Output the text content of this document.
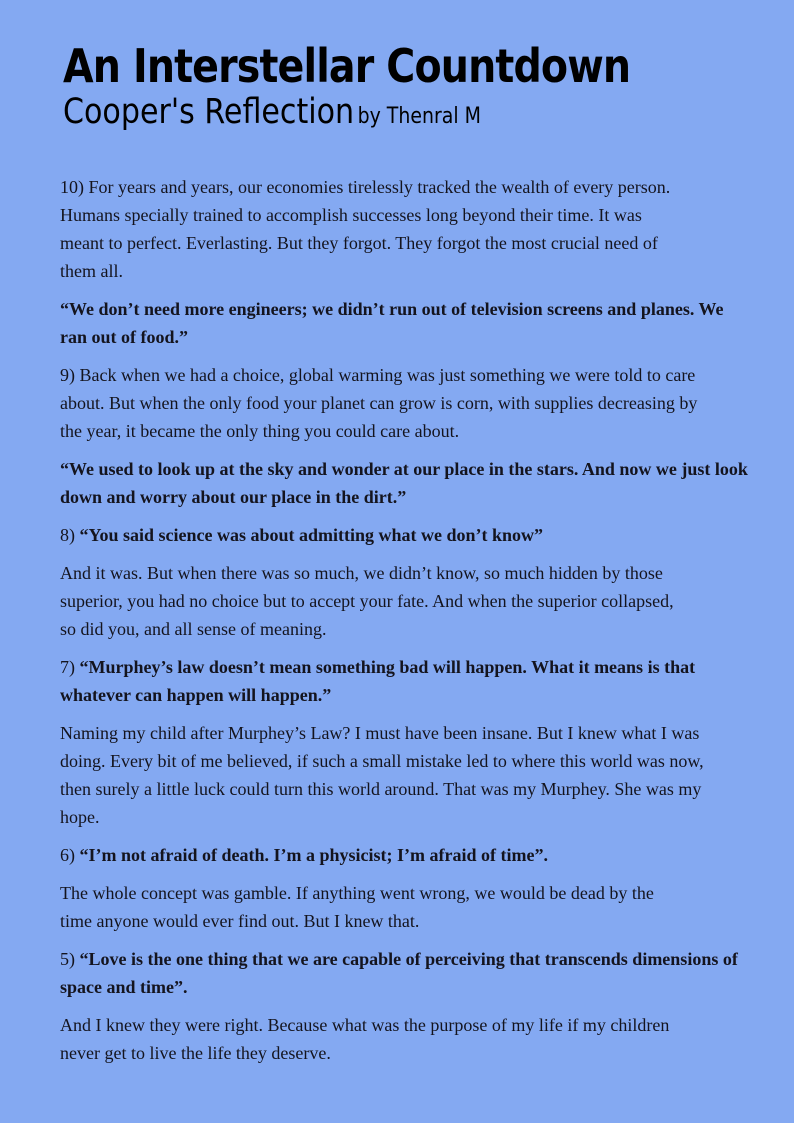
An Interstellar Countdown
Cooper's Reflection by Thenral M

10) For years and years, our economies tirelessly tracked the wealth of every person. Humans specially trained to accomplish successes long beyond their time. It was meant to perfect. Everlasting. But they forgot. They forgot the most crucial need of them all.

“We don’t need more engineers; we didn’t run out of television screens and planes. We ran out of food.”

9) Back when we had a choice, global warming was just something we were told to care about. But when the only food your planet can grow is corn, with supplies decreasing by the year, it became the only thing you could care about.

“We used to look up at the sky and wonder at our place in the stars. And now we just look down and worry about our place in the dirt.”

8) “You said science was about admitting what we don’t know”

And it was. But when there was so much, we didn’t know, so much hidden by those superior, you had no choice but to accept your fate. And when the superior collapsed, so did you, and all sense of meaning.

7) “Murphey’s law doesn’t mean something bad will happen. What it means is that whatever can happen will happen.”

Naming my child after Murphey’s Law? I must have been insane. But I knew what I was doing. Every bit of me believed, if such a small mistake led to where this world was now, then surely a little luck could turn this world around. That was my Murphey. She was my hope.

6) “I’m not afraid of death. I’m a physicist; I’m afraid of time”.

The whole concept was gamble. If anything went wrong, we would be dead by the time anyone would ever find out. But I knew that.

5) “Love is the one thing that we are capable of perceiving that transcends dimensions of space and time”.

And I knew they were right. Because what was the purpose of my life if my children never get to live the life they deserve.
